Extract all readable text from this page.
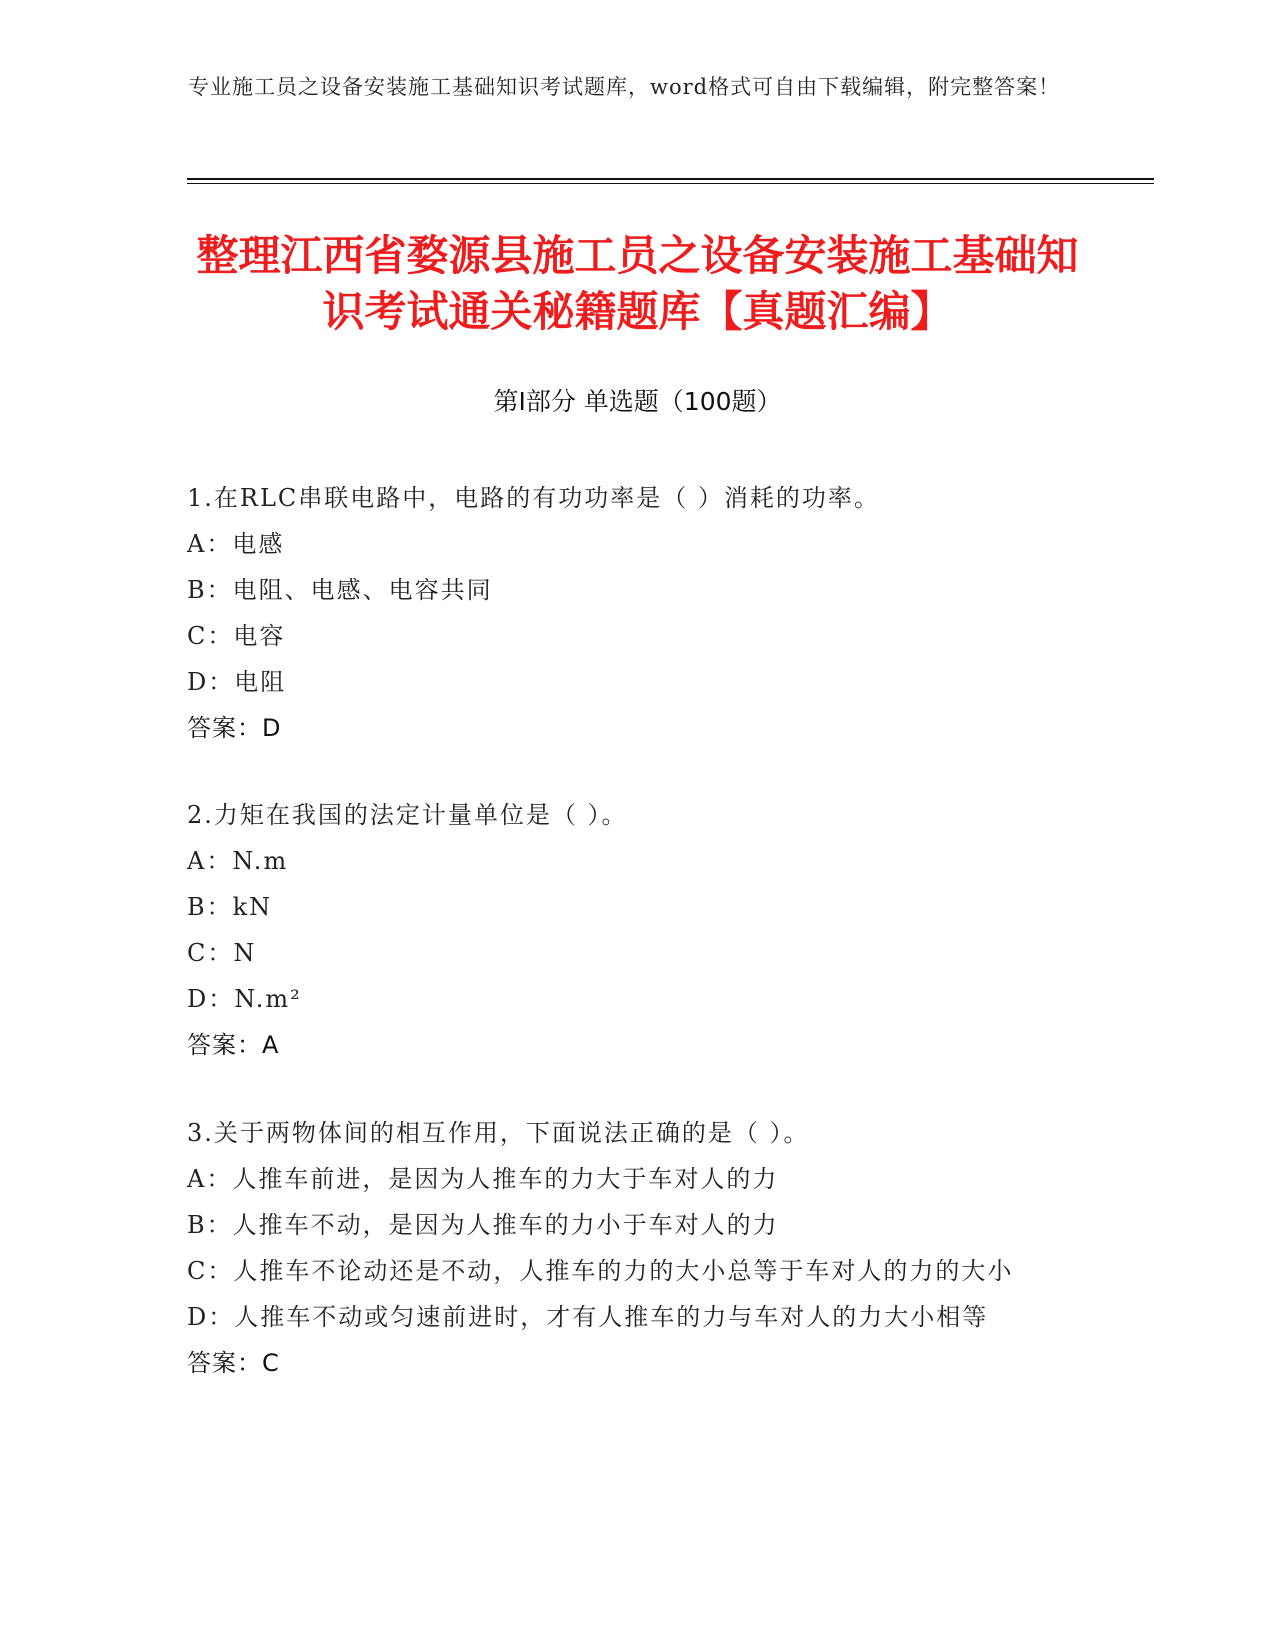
专业施工员之设备安装施工基础知识考试题库，word格式可自由下载编辑，附完整答案！
整理江西省婺源县施工员之设备安装施工基础知识考试通关秘籍题库【真题汇编】
第Ⅰ部分 单选题（100题）
1.在RLC串联电路中，电路的有功功率是（ ）消耗的功率。
A：电感
B：电阻、电感、电容共同
C：电容
D：电阻
答案：D
2.力矩在我国的法定计量单位是（ ）。
A：N.m
B：kN
C：N
D：N.m²
答案：A
3.关于两物体间的相互作用，下面说法正确的是（ ）。
A：人推车前进，是因为人推车的力大于车对人的力
B：人推车不动，是因为人推车的力小于车对人的力
C：人推车不论动还是不动，人推车的力的大小总等于车对人的力的大小
D：人推车不动或匀速前进时，才有人推车的力与车对人的力大小相等
答案：C
